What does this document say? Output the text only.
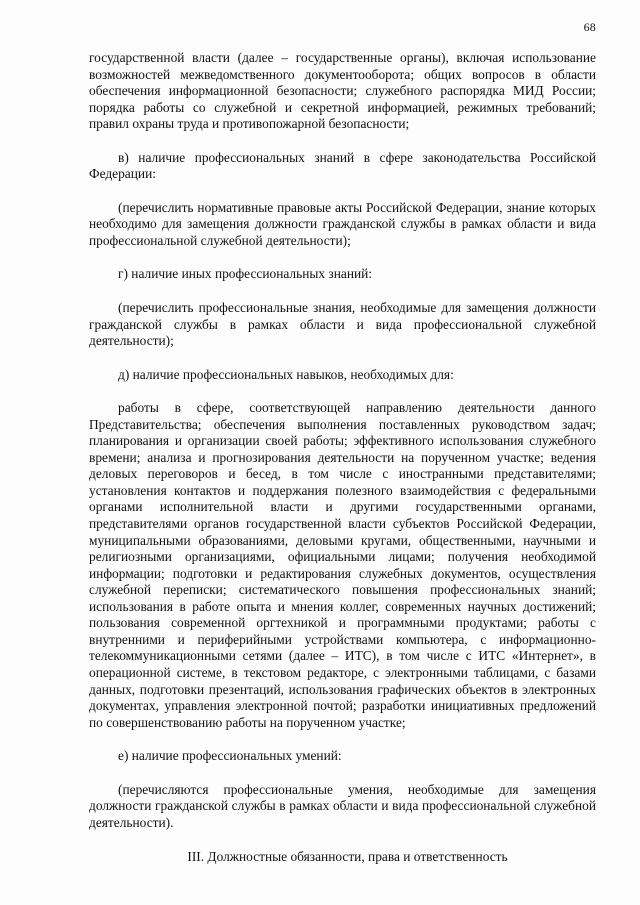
68

государственной власти (далее – государственные органы), включая использование возможностей межведомственного документооборота; общих вопросов в области обеспечения информационной безопасности; служебного распорядка МИД России; порядка работы со служебной и секретной информацией, режимных требований; правил охраны труда и противопожарной безопасности;

в) наличие профессиональных знаний в сфере законодательства Российской Федерации:

(перечислить нормативные правовые акты Российской Федерации, знание которых необходимо для замещения должности гражданской службы в рамках области и вида профессиональной служебной деятельности);

г) наличие иных профессиональных знаний:

(перечислить профессиональные знания, необходимые для замещения должности гражданской службы в рамках области и вида профессиональной служебной деятельности);

д) наличие профессиональных навыков, необходимых для:

работы в сфере, соответствующей направлению деятельности данного Представительства; обеспечения выполнения поставленных руководством задач; планирования и организации своей работы; эффективного использования служебного времени; анализа и прогнозирования деятельности на порученном участке; ведения деловых переговоров и бесед, в том числе с иностранными представителями; установления контактов и поддержания полезного взаимодействия с федеральными органами исполнительной власти и другими государственными органами, представителями органов государственной власти субъектов Российской Федерации, муниципальными образованиями, деловыми кругами, общественными, научными и религиозными организациями, официальными лицами; получения необходимой информации; подготовки и редактирования служебных документов, осуществления служебной переписки; систематического повышения профессиональных знаний; использования в работе опыта и мнения коллег, современных научных достижений; пользования современной оргтехникой и программными продуктами; работы с внутренними и периферийными устройствами компьютера, с информационно-телекоммуникационными сетями (далее – ИТС), в том числе с ИТС «Интернет», в операционной системе, в текстовом редакторе, с электронными таблицами, с базами данных, подготовки презентаций, использования графических объектов в электронных документах, управления электронной почтой; разработки инициативных предложений по совершенствованию работы на порученном участке;

е) наличие профессиональных умений:

(перечисляются профессиональные умения, необходимые для замещения должности гражданской службы в рамках области и вида профессиональной служебной деятельности).

III. Должностные обязанности, права и ответственность
